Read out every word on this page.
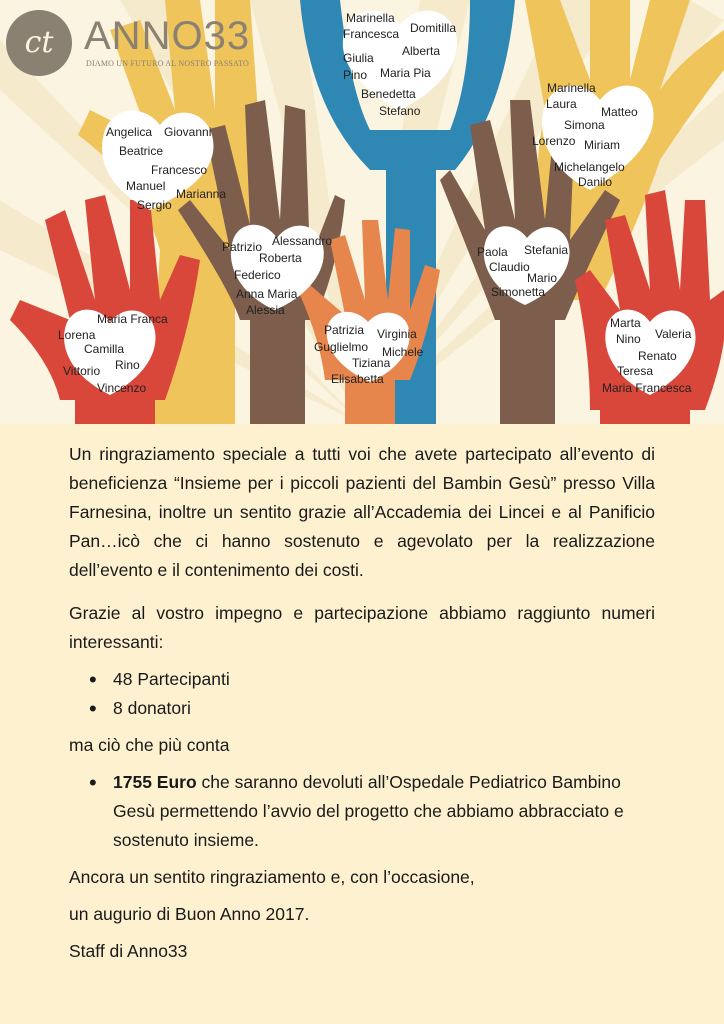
ct ANNO33
DIAMO UN FUTURO AL NOSTRO PASSATO
Marinella
Domitilla
Francesca
Giulia Alberta
Pino Maria Pia
Benedetta
Stefano
Angelica Giovanni
Beatrice
Francesco
Manuel
Marianna
Sergio
Marinella
Laura
Matteo
Simona
Lorenzo Miriam
Michelangelo
Danilo
Patrizio Alessandro
Roberta
Federico
Anna Maria
Alessia
Paola Stefania
Claudio
Mario
Simonetta
Patrizia Virginia
Guglielmo Michele
Tiziana
Elisabetta
Maria Franca
Lorena
Camilla
Rino
Vittorio
Vincenzo
Marta
Valeria
Nino
Renato
Teresa
Maria Francesca

Un ringraziamento speciale a tutti voi che avete partecipato all’evento di beneficienza “Insieme per i piccoli pazienti del Bambin Gesù” presso Villa Farnesina, inoltre un sentito grazie all’Accademia dei Lincei e al Panificio Pan…icò che ci hanno sostenuto e agevolato per la realizzazione dell’evento e il contenimento dei costi.

Grazie al vostro impegno e partecipazione abbiamo raggiunto numeri interessanti:

• 48 Partecipanti
• 8 donatori

ma ciò che più conta

• 1755 Euro che saranno devoluti all’Ospedale Pediatrico Bambino Gesù permettendo l’avvio del progetto che abbiamo abbracciato e sostenuto insieme.

Ancora un sentito ringraziamento e, con l’occasione,

un augurio di Buon Anno 2017.

Staff di Anno33
